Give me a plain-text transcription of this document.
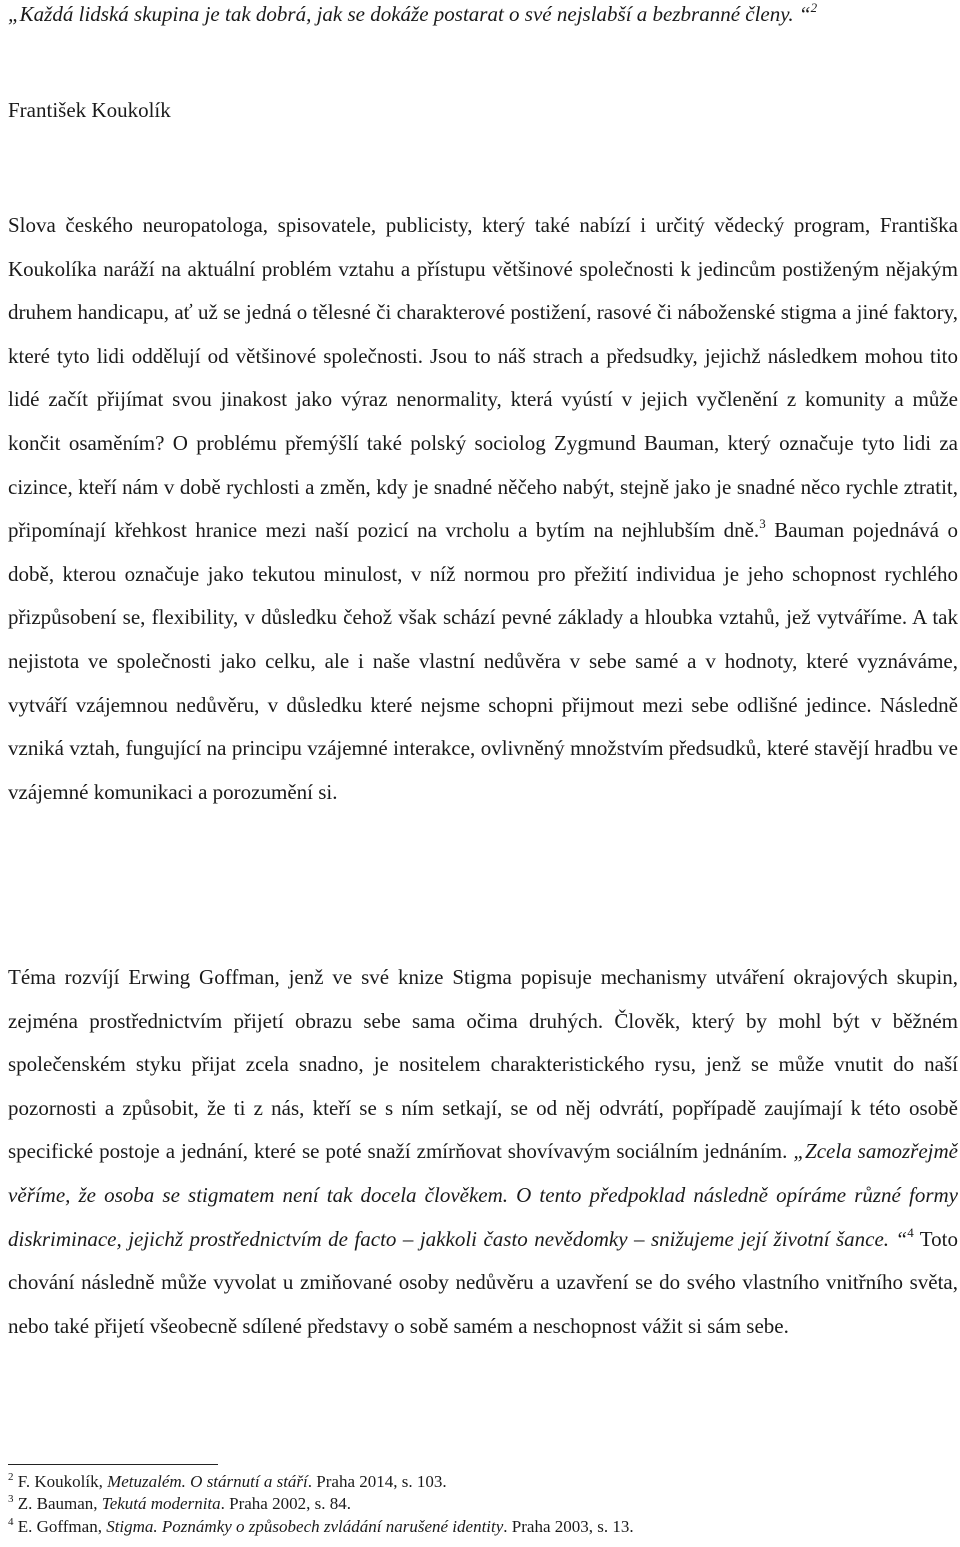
„Každá lidská skupina je tak dobrá, jak se dokáže postarat o své nejslabší a bezbranné členy. “$^2$

František Koukolík

Slova českého neuropatologa, spisovatele, publicisty, který také nabízí i určitý vědecký program, Františka Koukolíka naráží na aktuální problém vztahu a přístupu většinové společnosti k jedincům postiženým nějakým druhem handicapu, ať už se jedná o tělesné či charakterové postižení, rasové či náboženské stigma a jiné faktory, které tyto lidi oddělují od většinové společnosti. Jsou to náš strach a předsudky, jejichž následkem mohou tito lidé začít přijímat svou jinakost jako výraz nenormality, která vyústí v jejich vyčlenění z komunity a může končit osaměním? O problému přemýšlí také polský sociolog Zygmund Bauman, který označuje tyto lidi za cizince, kteří nám v době rychlosti a změn, kdy je snadné něčeho nabýt, stejně jako je snadné něco rychle ztratit, připomínají křehkost hranice mezi naší pozicí na vrcholu a bytím na nejhlubším dně.$^3$ Bauman pojednává o době, kterou označuje jako tekutou minulost, v níž normou pro přežití individua je jeho schopnost rychlého přizpůsobení se, flexibility, v důsledku čehož však schází pevné základy a hloubka vztahů, jež vytváříme. A tak nejistota ve společnosti jako celku, ale i naše vlastní nedůvěra v sebe samé a v hodnoty, které vyznáváme, vytváří vzájemnou nedůvěru, v důsledku které nejsme schopni přijmout mezi sebe odlišné jedince. Následně vzniká vztah, fungující na principu vzájemné interakce, ovlivněný množstvím předsudků, které stavějí hradbu ve vzájemné komunikaci a porozumění si.

Téma rozvíjí Erwing Goffman, jenž ve své knize Stigma popisuje mechanismy utváření okrajových skupin, zejména prostřednictvím přijetí obrazu sebe sama očima druhých. Člověk, který by mohl být v běžném společenském styku přijat zcela snadno, je nositelem charakteristického rysu, jenž se může vnutit do naší pozornosti a způsobit, že ti z nás, kteří se s ním setkají, se od něj odvrátí, popřípadě zaujímají k této osobě specifické postoje a jednání, které se poté snaží zmírňovat shovívavým sociálním jednáním. „Zcela samozřejmě věříme, že osoba se stigmatem není tak docela člověkem. O tento předpoklad následně opíráme různé formy diskriminace, jejichž prostřednictvím de facto – jakkoli často nevědomky – snižujeme její životní šance. “$^4$ Toto chování následně může vyvolat u zmiňované osoby nedůvěru a uzavření se do svého vlastního vnitřního světa, nebo také přijetí všeobecně sdílené představy o sobě samém a neschopnost vážit si sám sebe.

$^2$ F. Koukolík, Metuzalém. O stárnutí a stáří. Praha 2014, s. 103.

$^3$ Z. Bauman, Tekutá modernita. Praha 2002, s. 84.

$^4$ E. Goffman, Stigma. Poznámky o způsobech zvládání narušené identity. Praha 2003, s. 13.
